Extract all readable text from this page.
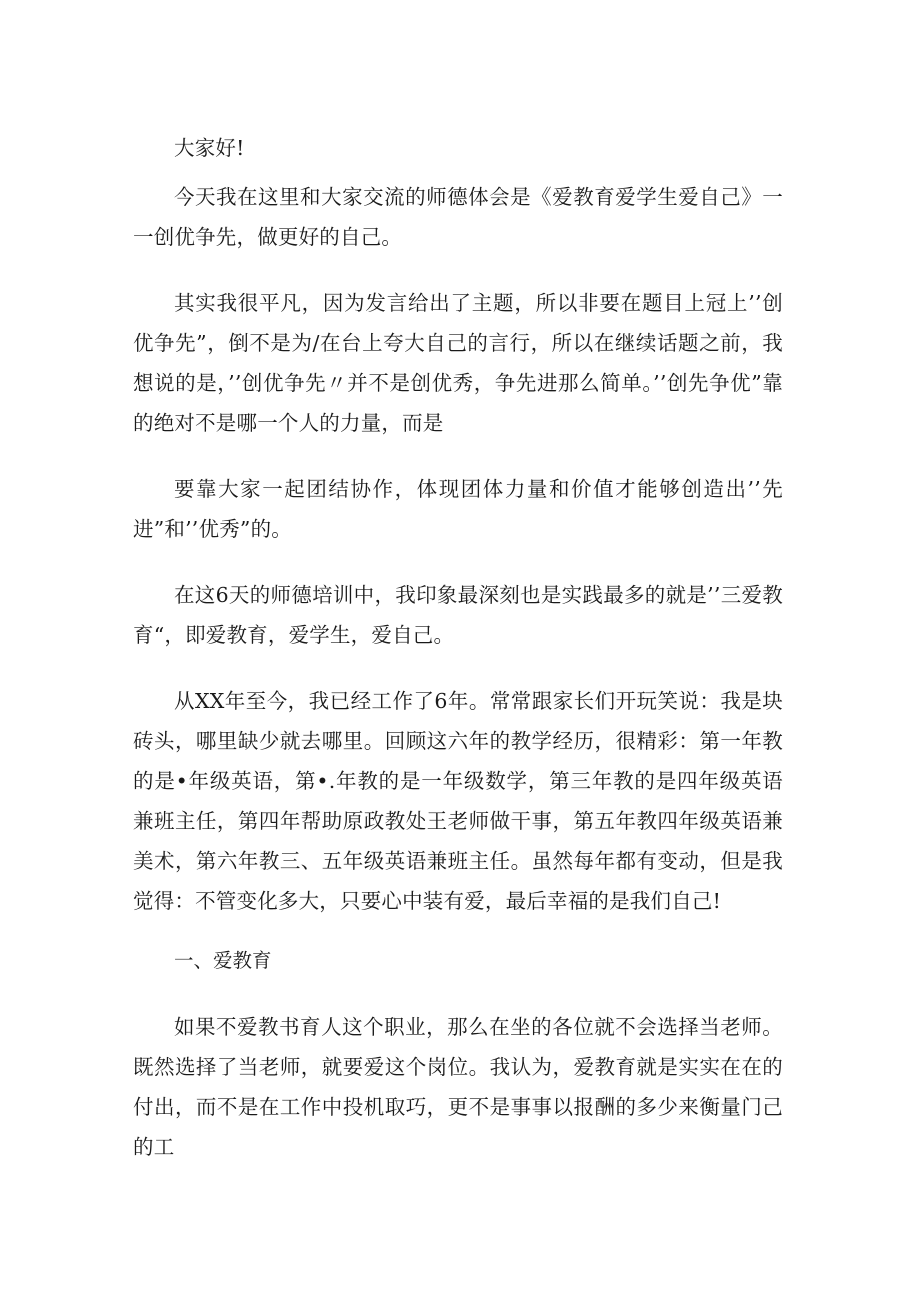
大家好!

今天我在这里和大家交流的师德体会是《爱教育爱学生爱自己》一一创优争先，做更好的自己。

其实我很平凡，因为发言给出了主题，所以非要在题目上冠上’’创优争先”，倒不是为/在台上夸大自己的言行，所以在继续话题之前，我想说的是，’’创优争先〃并不是创优秀，争先进那么简单。’’创先争优”靠的绝对不是哪一个人的力量，而是

要靠大家一起团结协作，体现团体力量和价值才能够创造出’’先进”和’’优秀”的。

在这6天的师德培训中，我印象最深刻也是实践最多的就是’’三爱教育“，即爱教育，爱学生，爱自己。

从XX年至今，我已经工作了6年。常常跟家长们开玩笑说：我是块砖头，哪里缺少就去哪里。回顾这六年的教学经历，很精彩：第一年教的是•年级英语，第•.年教的是一年级数学，第三年教的是四年级英语兼班主任，第四年帮助原政教处王老师做干事，第五年教四年级英语兼美术，第六年教三、五年级英语兼班主任。虽然每年都有变动，但是我觉得：不管变化多大，只要心中装有爱，最后幸福的是我们自己!

一、爱教育

如果不爱教书育人这个职业，那么在坐的各位就不会选择当老师。既然选择了当老师，就要爱这个岗位。我认为，爱教育就是实实在在的付出，而不是在工作中投机取巧，更不是事事以报酬的多少来衡量门己的工
